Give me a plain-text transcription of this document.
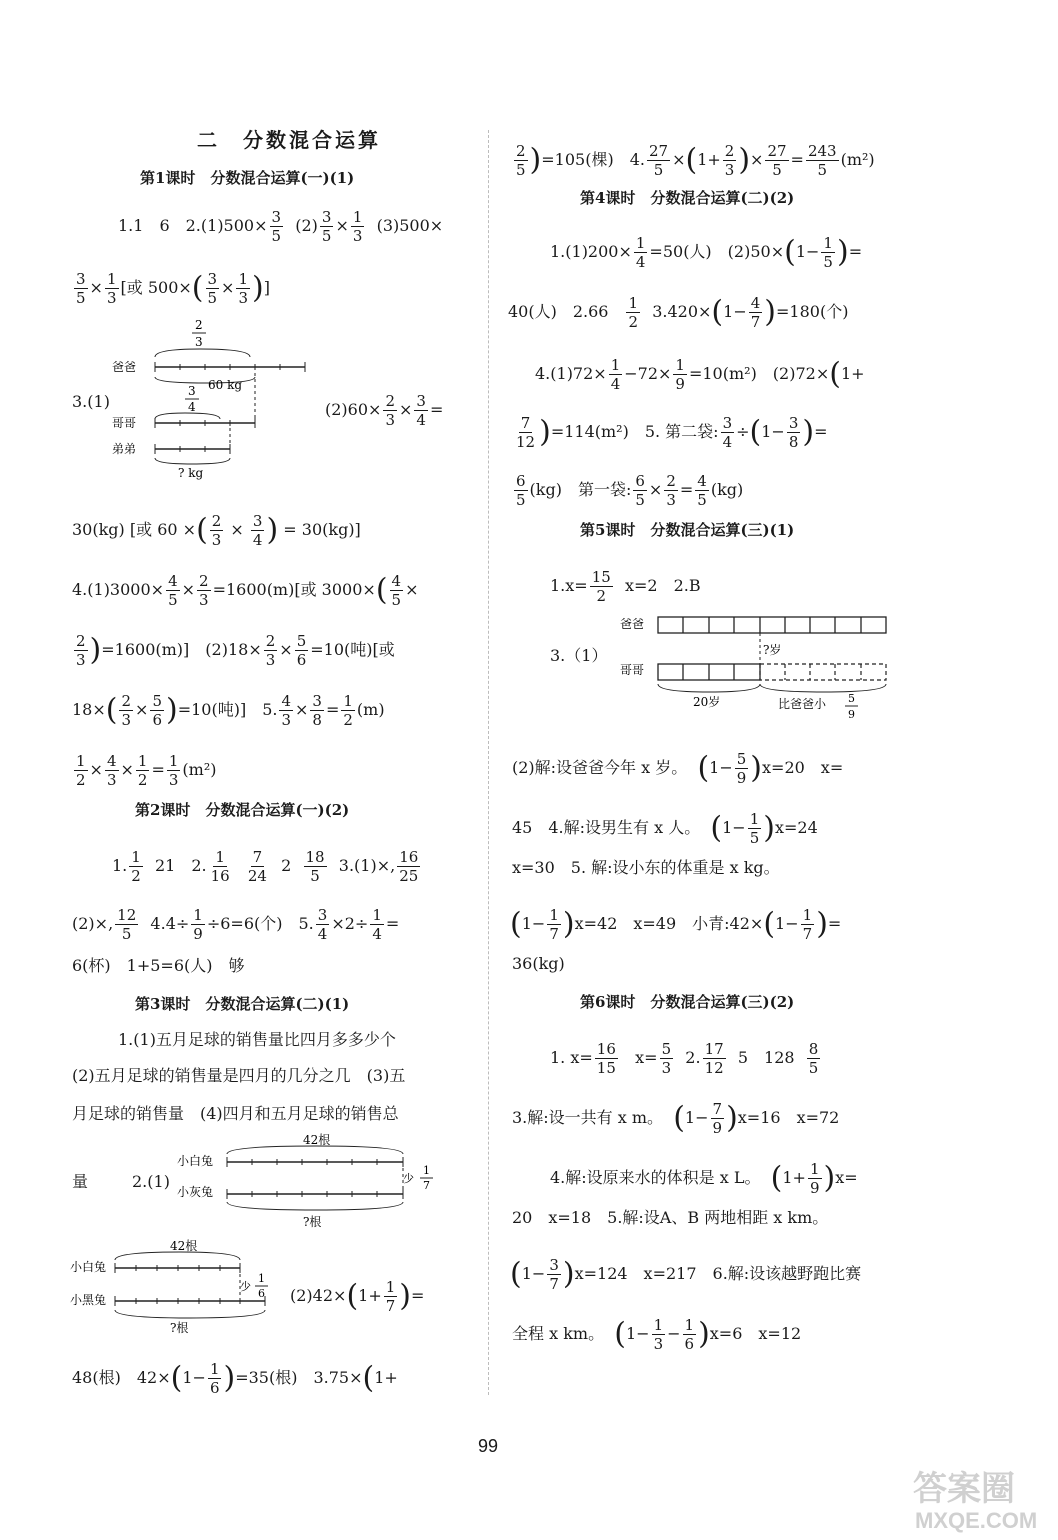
二　分数混合运算
第1课时　分数混合运算(一)(1)
1.1　6　$2.(1)500\times \frac{3}{5} (2) \frac{3}{5} \times \frac{1}{3} (3)500\times$
$\frac{3}{5} \times \frac{1}{3}$ [或 $500\times( \frac{3}{5} \times \frac{1}{3}$ )]
2
3
爸爸
60 kg
3
4
哥哥
弟弟
? kg
3.(1)	$(2)60\times \frac{2}{3} \times \frac{3}{4}$ =
30(kg) [或 60 ×( $\frac{2}{3} \times \frac{3}{4}$ ) = 30(kg)]
$4.(1)3000\times \frac{4}{5} \times \frac{2}{3} =1600(m)$[或 $3000\times( \frac{4}{5}$ ×
$\frac{2}{3} )=1600(m)$]　$(2)18\times \frac{2}{3} \times \frac{5}{6} =10$(吨)[或
$18\times( \frac{2}{3} \times \frac{5}{6} )=10$(吨)]　5. $\frac{4}{3} \times \frac{3}{8} = \frac{1}{2} (m)$
$\frac{1}{2} \times \frac{4}{3} \times \frac{1}{2} = \frac{1}{3} (m^2)$
第2课时　分数混合运算(一)(2)
1. $\frac{1}{2} 21$　2. $\frac{1}{16}$
$\frac{7}{24} 2 \frac{18}{5} 3.(1)\times$, $\frac{16}{25}$
(2)×, $\frac{12}{5} 4.4\div \frac{1}{9} \div 6=6$(个)　5. $\frac{3}{4} \times 2\div \frac{1}{4}$ =
6(杯)　1+5=6(人)　够
第3课时　分数混合运算(二)(1)
1.(1)五月足球的销售量比四月多多少个
(2)五月足球的销售量是四月的几分之几　(3)五
月足球的销售量　(4)四月和五月足球的销售总
量	2.(1)
42根
小白兔
少
1
7
小灰兔
?根
42根
小白兔
少
1
6
小黑兔
?根
$(2)42\times(1+ \frac{1}{7}$ )=
48(根)　$42\times(1- \frac{1}{6} )=35$(根)　3.75×(1+
$\frac{2}{5} )=105$(棵)　4. $\frac{27}{5} \times(1+ \frac{2}{3}$ )× $\frac{27}{5} = \frac{243}{5} (m^2)$
第4课时　分数混合运算(二)(2)
$1.(1)200\times \frac{1}{4} =50$(人)　$(2)50\times(1- \frac{1}{5}$ )=
40(人)　2.66　 $\frac{1}{2} 3.420\times(1- \frac{4}{7} )=180$(个)
$4.(1)72\times \frac{1}{4} -72\times \frac{1}{9} =10(m^2)$　(2)72×(1+
$\frac{7}{12} )=114(m^2)$　5. 第二袋: $\frac{3}{4} \div(1- \frac{3}{8}$ )=
$\frac{6}{5} (kg)$　第一袋: $\frac{6}{5} \times \frac{2}{3} = \frac{4}{5} (kg)$
第5课时　分数混合运算(三)(1)
$1.x= \frac{15}{2} x=2$　2.B
3.（1）
爸爸
?岁
哥哥
20岁	比爸爸小 5
9
(2)解:设爸爸今年 x 岁。 $(1- \frac{5}{9} )x=20$　x=
45　4.解:设男生有 x 人。 $(1- \frac{1}{5} )x=24$
x=30　5. 解:设小东的体重是 x kg。
$(1- \frac{1}{7} )x=42$　x=49　小青:42×(1− $\frac{1}{7}$ )=
36(kg)
第6课时　分数混合运算(三)(2)
1. $x= \frac{16}{15} x= \frac{5}{3} 2$. $\frac{17}{12} 5$　$128 \frac{8}{5}$
3.解:设一共有 x m。 $(1- \frac{7}{9} )x=16$　x=72
4.解:设原来水的体积是 x L。 $(1+ \frac{1}{9} )x=$
20　x=18　5.解:设A、B 两地相距 x km。
$(1- \frac{3}{7} )x=124$　x=217　6.解:设该越野跑比赛
全程 x km。 $(1- \frac{1}{3} - \frac{1}{6} )x=6$　x=12
99
答案圈
MXQE.COM
